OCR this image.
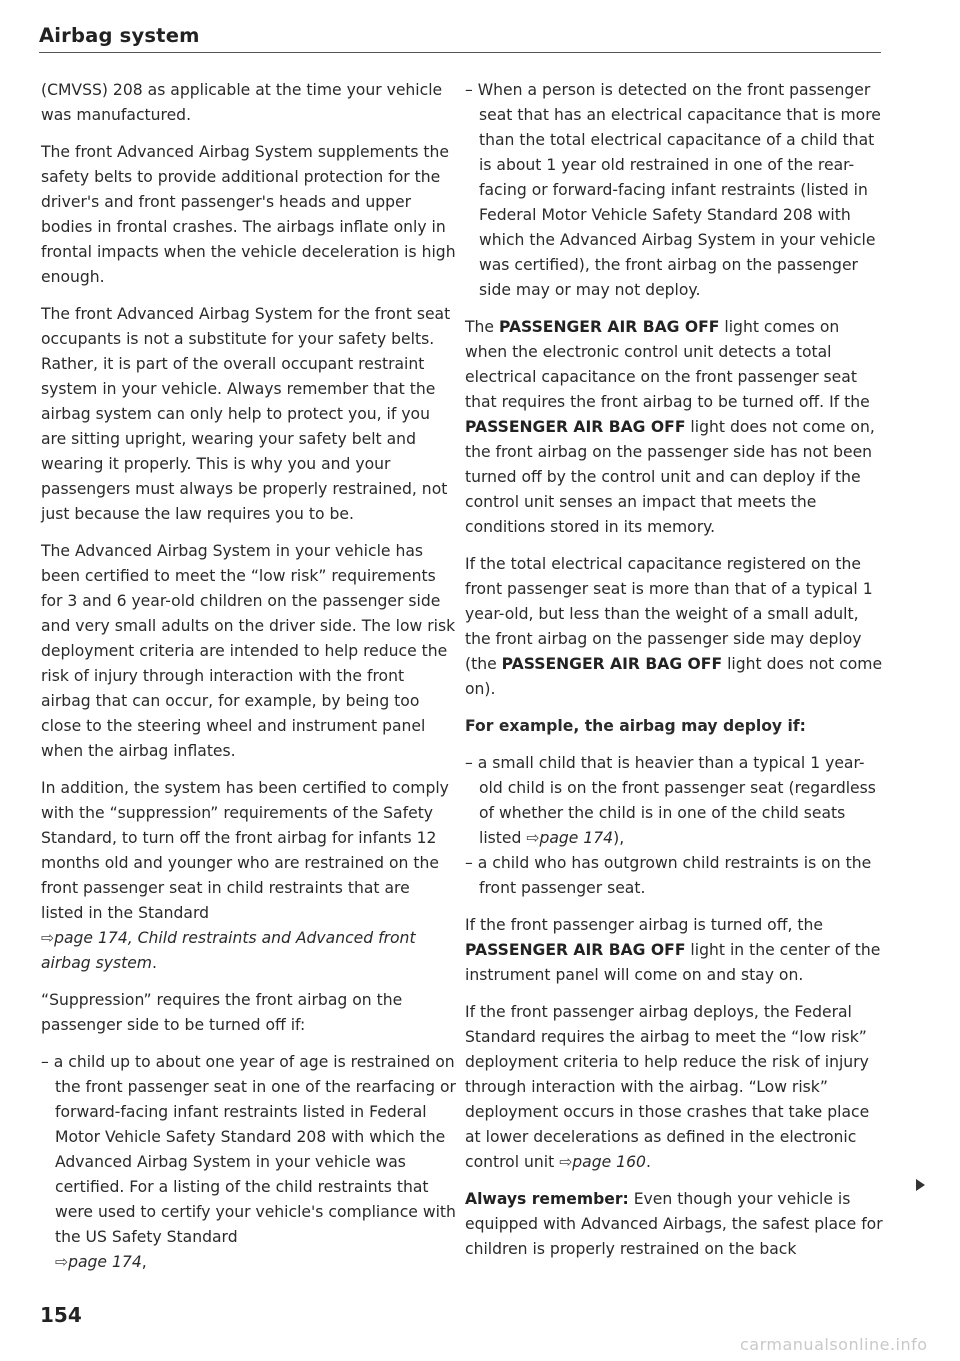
Airbag system

(CMVSS) 208 as applicable at the time your vehicle was manufactured.

The front Advanced Airbag System supplements the safety belts to provide additional protection for the driver's and front passenger's heads and upper bodies in frontal crashes. The airbags inflate only in frontal impacts when the vehicle deceleration is high enough.

The front Advanced Airbag System for the front seat occupants is not a substitute for your safety belts. Rather, it is part of the overall occupant restraint system in your vehicle. Always remember that the airbag system can only help to protect you, if you are sitting upright, wearing your safety belt and wearing it properly. This is why you and your passengers must always be properly restrained, not just because the law requires you to be.

The Advanced Airbag System in your vehicle has been certified to meet the “low risk” requirements for 3 and 6 year-old children on the passenger side and very small adults on the driver side. The low risk deployment criteria are intended to help reduce the risk of injury through interaction with the front airbag that can occur, for example, by being too close to the steering wheel and instrument panel when the airbag inflates.

In addition, the system has been certified to comply with the “suppression” requirements of the Safety Standard, to turn off the front airbag for infants 12 months old and younger who are restrained on the front passenger seat in child restraints that are listed in the Standard
⇨page 174, Child restraints and Advanced front airbag system.

“Suppression” requires the front airbag on the passenger side to be turned off if:

– a child up to about one year of age is restrained on the front passenger seat in one of the rearfacing or forward-facing infant restraints listed in Federal Motor Vehicle Safety Standard 208 with which the Advanced Airbag System in your vehicle was certified. For a listing of the child restraints that were used to certify your vehicle's compliance with the US Safety Standard
⇨page 174,
– When a person is detected on the front passenger seat that has an electrical capacitance that is more than the total electrical capacitance of a child that is about 1 year old restrained in one of the rear-facing or forward-facing infant restraints (listed in Federal Motor Vehicle Safety Standard 208 with which the Advanced Airbag System in your vehicle was certified), the front airbag on the passenger side may or may not deploy.

The PASSENGER AIR BAG OFF light comes on when the electronic control unit detects a total electrical capacitance on the front passenger seat that requires the front airbag to be turned off. If the PASSENGER AIR BAG OFF light does not come on, the front airbag on the passenger side has not been turned off by the control unit and can deploy if the control unit senses an impact that meets the conditions stored in its memory.

If the total electrical capacitance registered on the front passenger seat is more than that of a typical 1 year-old, but less than the weight of a small adult, the front airbag on the passenger side may deploy (the PASSENGER AIR BAG OFF light does not come on).

For example, the airbag may deploy if:

– a small child that is heavier than a typical 1 year-old child is on the front passenger seat (regardless of whether the child is in one of the child seats listed ⇨page 174),
– a child who has outgrown child restraints is on the front passenger seat.

If the front passenger airbag is turned off, the PASSENGER AIR BAG OFF light in the center of the instrument panel will come on and stay on.

If the front passenger airbag deploys, the Federal Standard requires the airbag to meet the “low risk” deployment criteria to help reduce the risk of injury through interaction with the airbag. “Low risk” deployment occurs in those crashes that take place at lower decelerations as defined in the electronic control unit ⇨page 160.

Always remember: Even though your vehicle is equipped with Advanced Airbags, the safest place for children is properly restrained on the back

154
carmanualsonline.info
